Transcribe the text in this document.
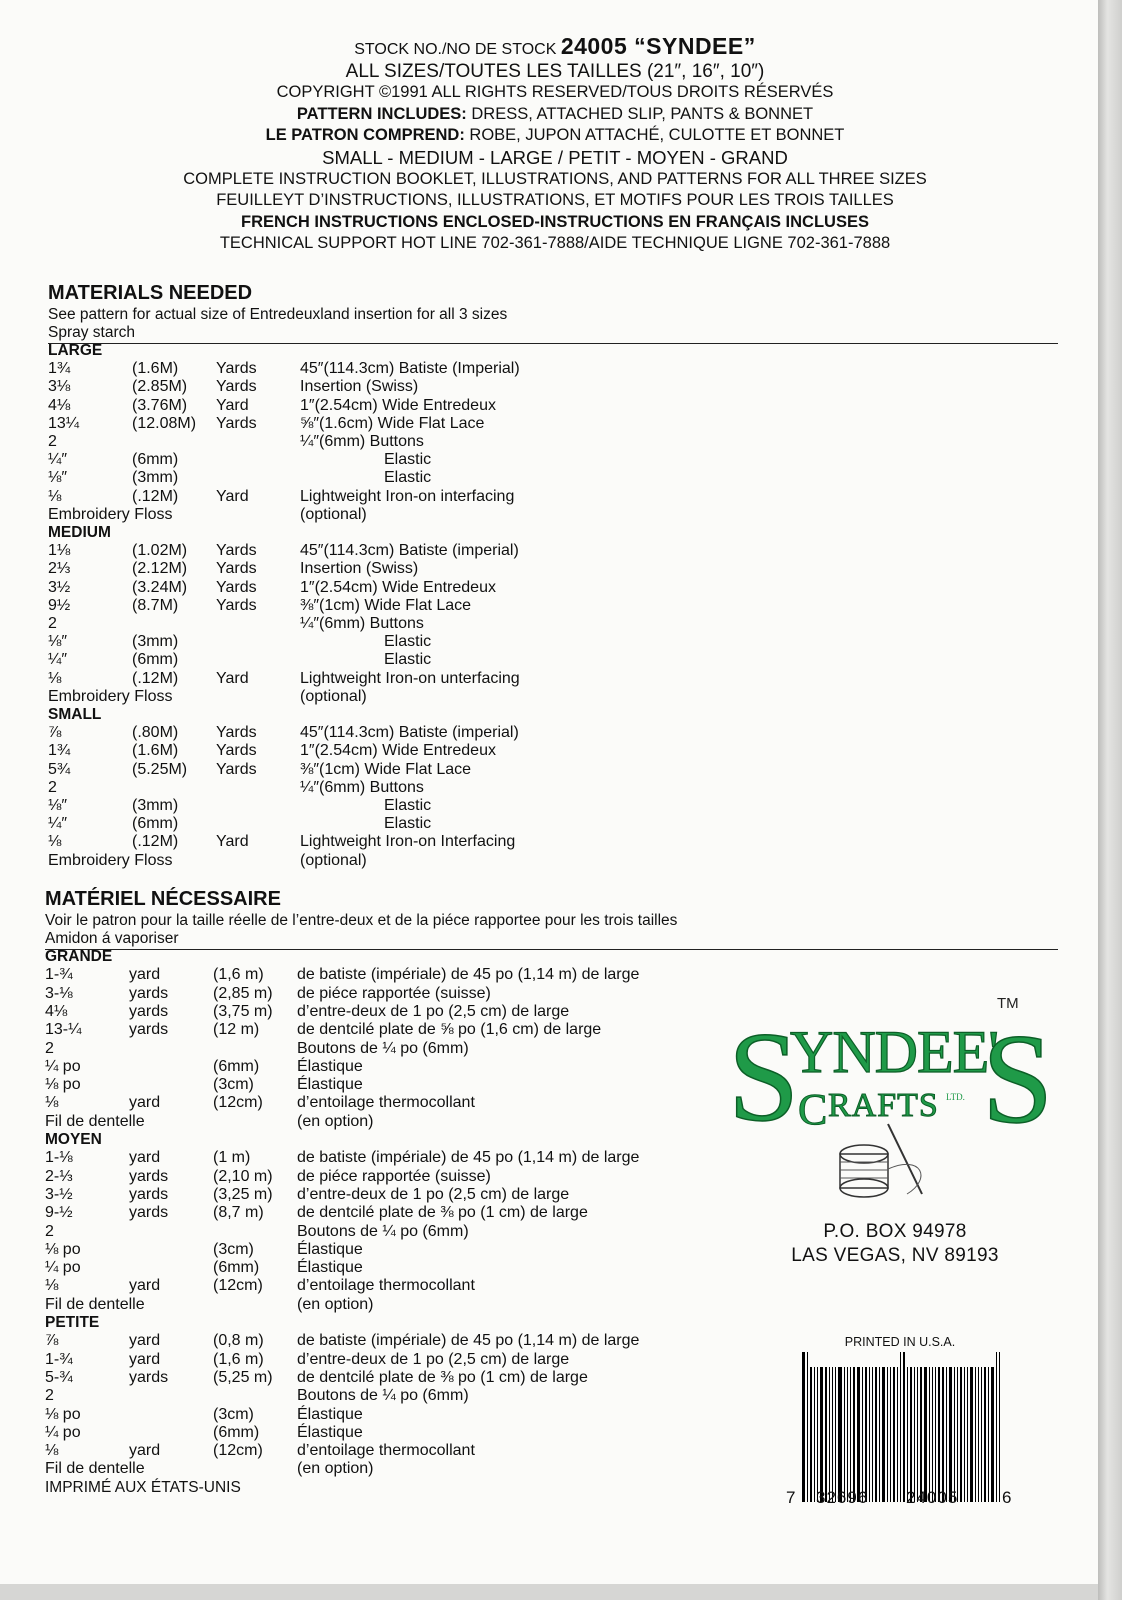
STOCK NO./NO DE STOCK 24005 “SYNDEE”
ALL SIZES/TOUTES LES TAILLES (21″, 16″, 10″)
COPYRIGHT ©1991 ALL RIGHTS RESERVED/TOUS DROITS RÉSERVÉS
PATTERN INCLUDES: DRESS, ATTACHED SLIP, PANTS & BONNET
LE PATRON COMPREND: ROBE, JUPON ATTACHÉ, CULOTTE ET BONNET
SMALL - MEDIUM - LARGE / PETIT - MOYEN - GRAND
COMPLETE INSTRUCTION BOOKLET, ILLUSTRATIONS, AND PATTERNS FOR ALL THREE SIZES
FEUILLEYT D’INSTRUCTIONS, ILLUSTRATIONS, ET MOTIFS POUR LES TROIS TAILLES
FRENCH INSTRUCTIONS ENCLOSED-INSTRUCTIONS EN FRANÇAIS INCLUSES
TECHNICAL SUPPORT HOT LINE 702-361-7888/AIDE TECHNIQUE LIGNE 702-361-7888
MATERIALS NEEDED
See pattern for actual size of Entredeuxland insertion for all 3 sizes
Spray starch
LARGE
1¾	(1.6M) Yards	45″(114.3cm) Batiste (Imperial)
3⅛	(2.85M) Yards	Insertion (Swiss)
4⅛	(3.76M) Yard	1″(2.54cm) Wide Entredeux
13¼	(12.08M) Yards	⅝″(1.6cm) Wide Flat Lace
2	¼″(6mm) Buttons
¼″	(6mm)	Elastic
⅛″	(3mm)	Elastic
⅛	(.12M) Yard	Lightweight Iron-on interfacing
Embroidery Floss	(optional)
MEDIUM
1⅛	(1.02M) Yards	45″(114.3cm) Batiste (imperial)
2⅓	(2.12M) Yards	Insertion (Swiss)
3½	(3.24M) Yards	1″(2.54cm) Wide Entredeux
9½	(8.7M) Yards	⅜″(1cm) Wide Flat Lace
2	¼″(6mm) Buttons
⅛″	(3mm)	Elastic
¼″	(6mm)	Elastic
⅛	(.12M) Yard	Lightweight Iron-on unterfacing
Embroidery Floss	(optional)
SMALL
⅞	(.80M) Yards	45″(114.3cm) Batiste (imperial)
1¾	(1.6M) Yards	1″(2.54cm) Wide Entredeux
5¾	(5.25M) Yards	⅜″(1cm) Wide Flat Lace
2	¼″(6mm) Buttons
⅛″	(3mm)	Elastic
¼″	(6mm)	Elastic
⅛	(.12M) Yard	Lightweight Iron-on Interfacing
Embroidery Floss	(optional)
MATÉRIEL NÉCESSAIRE
Voir le patron pour la taille réelle de l’entre-deux et de la piéce rapportee pour les trois tailles
Amidon á vaporiser
GRANDE
1-¾	yard	(1,6 m) de batiste (impériale) de 45 po (1,14 m) de large
3-⅛	yards	(2,85 m) de piéce rapportée (suisse)
4⅛	yards	(3,75 m) d’entre-deux de 1 po (2,5 cm) de large
13-¼	yards	(12 m) de dentcilé plate de ⅝ po (1,6 cm) de large
2	Boutons de ¼ po (6mm)
¼ po	(6mm) Élastique
⅛ po	(3cm)	Élastique
⅛	yard	(12cm) d’entoilage thermocollant
Fil de dentelle	(en option)
MOYEN
1-⅛	yard	(1 m)	de batiste (impériale) de 45 po (1,14 m) de large
2-⅓	yards	(2,10 m) de piéce rapportée (suisse)
3-½	yards	(3,25 m) d’entre-deux de 1 po (2,5 cm) de large
9-½	yards	(8,7 m) de dentcilé plate de ⅜ po (1 cm) de large
2	Boutons de ¼ po (6mm)
⅛ po	(3cm)	Élastique
¼ po	(6mm) Élastique
⅛	yard	(12cm) d’entoilage thermocollant
Fil de dentelle	(en option)
PETITE
⅞	yard	(0,8 m) de batiste (impériale) de 45 po (1,14 m) de large
1-¾	yard	(1,6 m) d’entre-deux de 1 po (2,5 cm) de large
5-¾	yards	(5,25 m) de dentcilé plate de ⅜ po (1 cm) de large
2	Boutons de ¼ po (6mm)
⅛ po	(3cm)	Élastique
¼ po	(6mm) Élastique
⅛	yard	(12cm) d’entoilage thermocollant
Fil de dentelle	(en option)
IMPRIMÉ AUX ÉTATS-UNIS
S
YNDEE'
S
TM
C RAFTS LTD.
P.O. BOX 94978
LAS VEGAS, NV 89193
PRINTED IN U.S.A.
7 32696 24005	6
